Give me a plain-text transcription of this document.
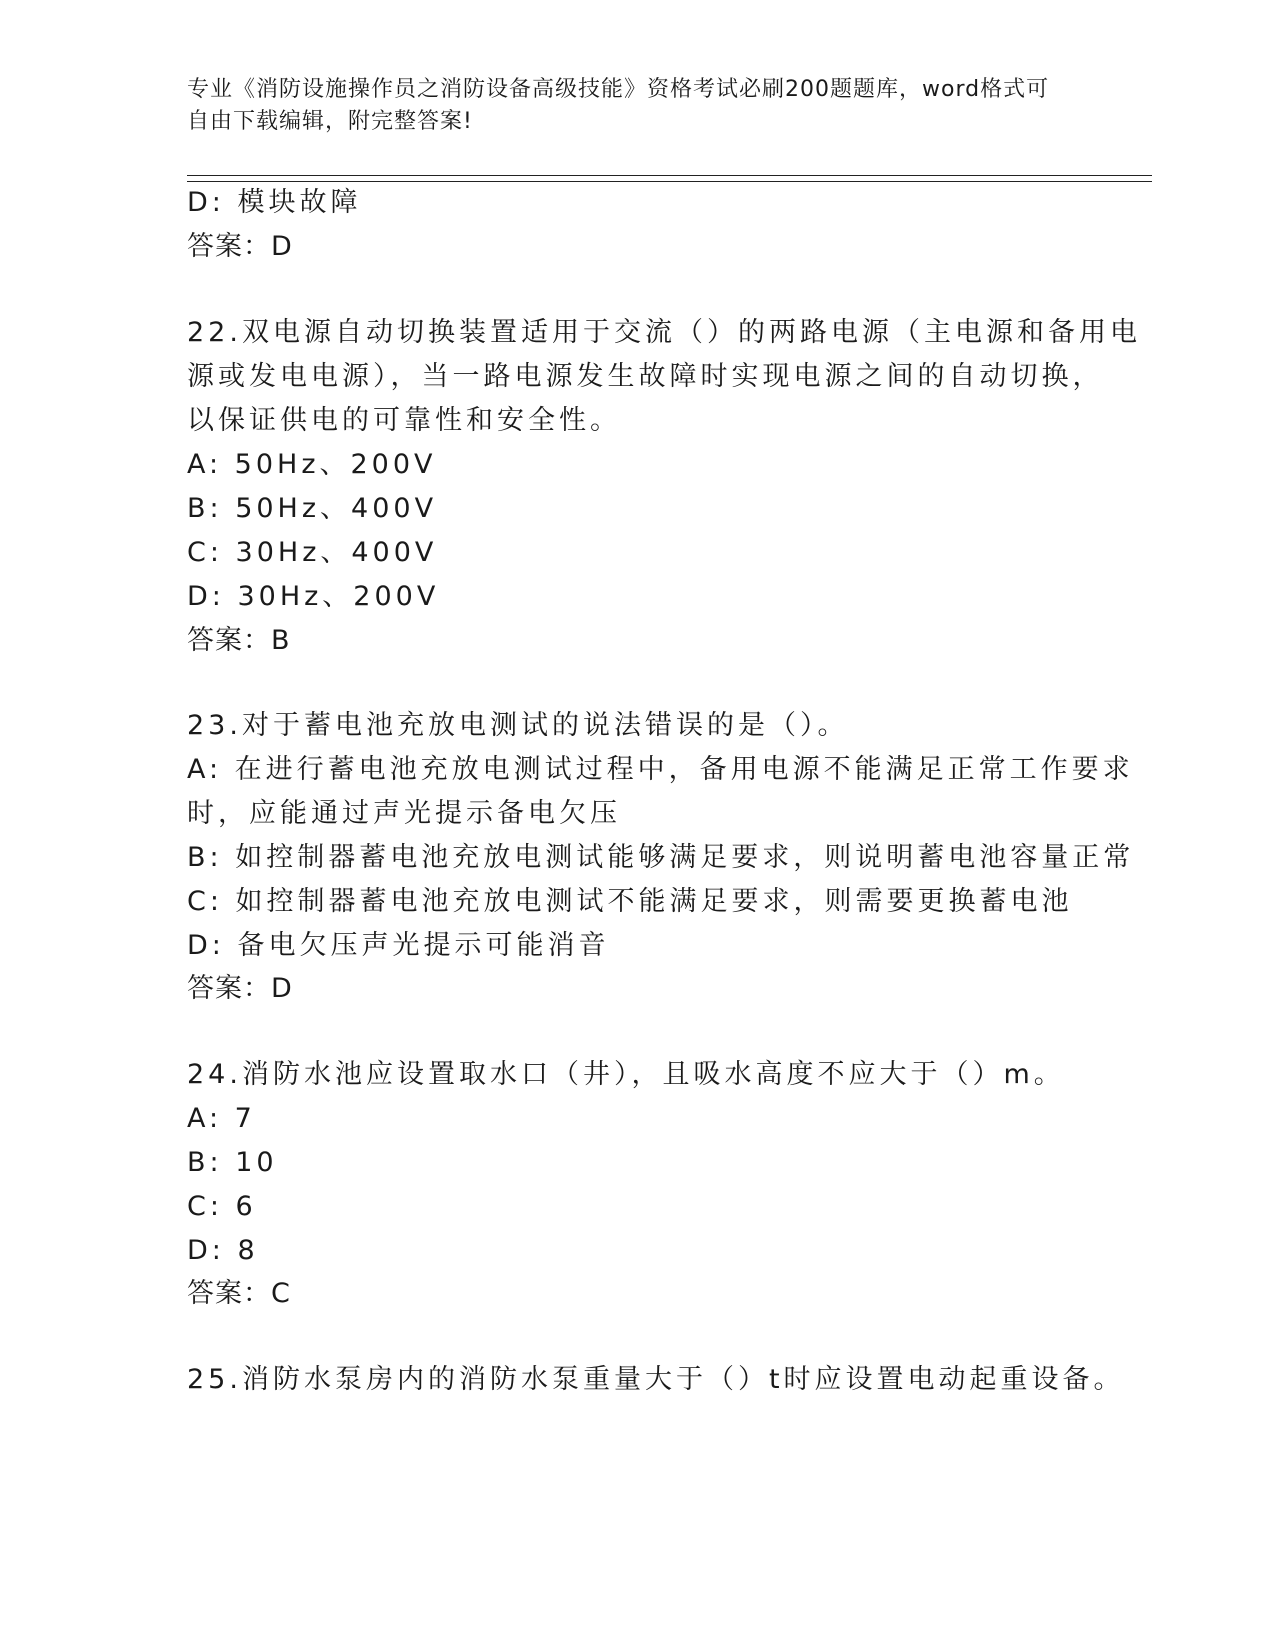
专业《消防设施操作员之消防设备高级技能》资格考试必刷200题题库，word格式可自由下载编辑，附完整答案!
D: 模块故障
答案：D
22.双电源自动切换装置适用于交流（）的两路电源（主电源和备用电
源或发电电源），当一路电源发生故障时实现电源之间的自动切换，
以保证供电的可靠性和安全性。
A: 50Hz、200V
B: 50Hz、400V
C: 30Hz、400V
D: 30Hz、200V
答案：B
23.对于蓄电池充放电测试的说法错误的是（）。
A: 在进行蓄电池充放电测试过程中，备用电源不能满足正常工作要求
时，应能通过声光提示备电欠压
B: 如控制器蓄电池充放电测试能够满足要求，则说明蓄电池容量正常
C: 如控制器蓄电池充放电测试不能满足要求，则需要更换蓄电池
D: 备电欠压声光提示可能消音
答案：D
24.消防水池应设置取水口（井），且吸水高度不应大于（）m。
A: 7
B: 10
C: 6
D: 8
答案：C
25.消防水泵房内的消防水泵重量大于（）t时应设置电动起重设备。
